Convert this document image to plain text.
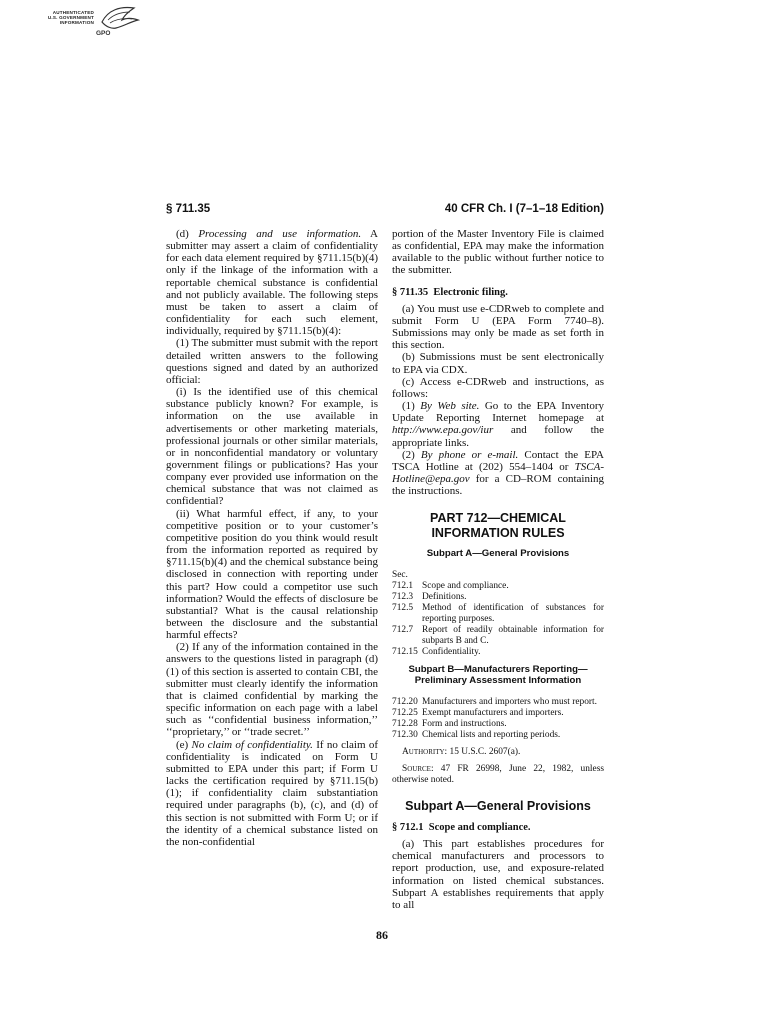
AUTHENTICATED
U.S. GOVERNMENT
INFORMATION
GPO
§ 711.35	40 CFR Ch. I (7–1–18 Edition)

(d) Processing and use information. A submitter may assert a claim of confidentiality for each data element required by §711.15(b)(4) only if the linkage of the information with a reportable chemical substance is confidential and not publicly available. The following steps must be taken to assert a claim of confidentiality for each such element, individually, required by §711.15(b)(4):

(1) The submitter must submit with the report detailed written answers to the following questions signed and dated by an authorized official:

(i) Is the identified use of this chemical substance publicly known? For example, is information on the use available in advertisements or other marketing materials, professional journals or other similar materials, or in nonconfidential mandatory or voluntary government filings or publications? Has your company ever provided use information on the chemical substance that was not claimed as confidential?

(ii) What harmful effect, if any, to your competitive position or to your customer’s competitive position do you think would result from the information reported as required by §711.15(b)(4) and the chemical substance being disclosed in connection with reporting under this part? How could a competitor use such information? Would the effects of disclosure be substantial? What is the causal relationship between the disclosure and the substantial harmful effects?

(2) If any of the information contained in the answers to the questions listed in paragraph (d)(1) of this section is asserted to contain CBI, the submitter must clearly identify the information that is claimed confidential by marking the specific information on each page with a label such as ‘‘confidential business information,’’ ‘‘proprietary,’’ or ‘‘trade secret.’’

(e) No claim of confidentiality. If no claim of confidentiality is indicated on Form U submitted to EPA under this part; if Form U lacks the certification required by §711.15(b)(1); if confidentiality claim substantiation required under paragraphs (b), (c), and (d) of this section is not submitted with Form U; or if the identity of a chemical substance listed on the non-confidential

portion of the Master Inventory File is claimed as confidential, EPA may make the information available to the public without further notice to the submitter.

§ 711.35 Electronic filing.

(a) You must use e-CDRweb to complete and submit Form U (EPA Form 7740–8). Submissions may only be made as set forth in this section.

(b) Submissions must be sent electronically to EPA via CDX.

(c) Access e-CDRweb and instructions, as follows:

(1) By Web site. Go to the EPA Inventory Update Reporting Internet homepage at http://www.epa.gov/iur and follow the appropriate links.

(2) By phone or e-mail. Contact the EPA TSCA Hotline at (202) 554–1404 or TSCA-Hotline@epa.gov for a CD–ROM containing the instructions.

PART 712—CHEMICAL
INFORMATION RULES
Subpart A—General Provisions
Sec.
712.1 Scope and compliance.
712.3 Definitions.
712.5 Method of identification of substances for reporting purposes.
712.7 Report of readily obtainable information for subparts B and C.
712.15 Confidentiality.
Subpart B—Manufacturers Reporting—
Preliminary Assessment Information
712.20 Manufacturers and importers who must report.
712.25 Exempt manufacturers and importers.
712.28 Form and instructions.
712.30 Chemical lists and reporting periods.

Authority: 15 U.S.C. 2607(a).

Source: 47 FR 26998, June 22, 1982, unless otherwise noted.

Subpart A—General Provisions

§ 712.1 Scope and compliance.

(a) This part establishes procedures for chemical manufacturers and processors to report production, use, and exposure-related information on listed chemical substances. Subpart A establishes requirements that apply to all

86
